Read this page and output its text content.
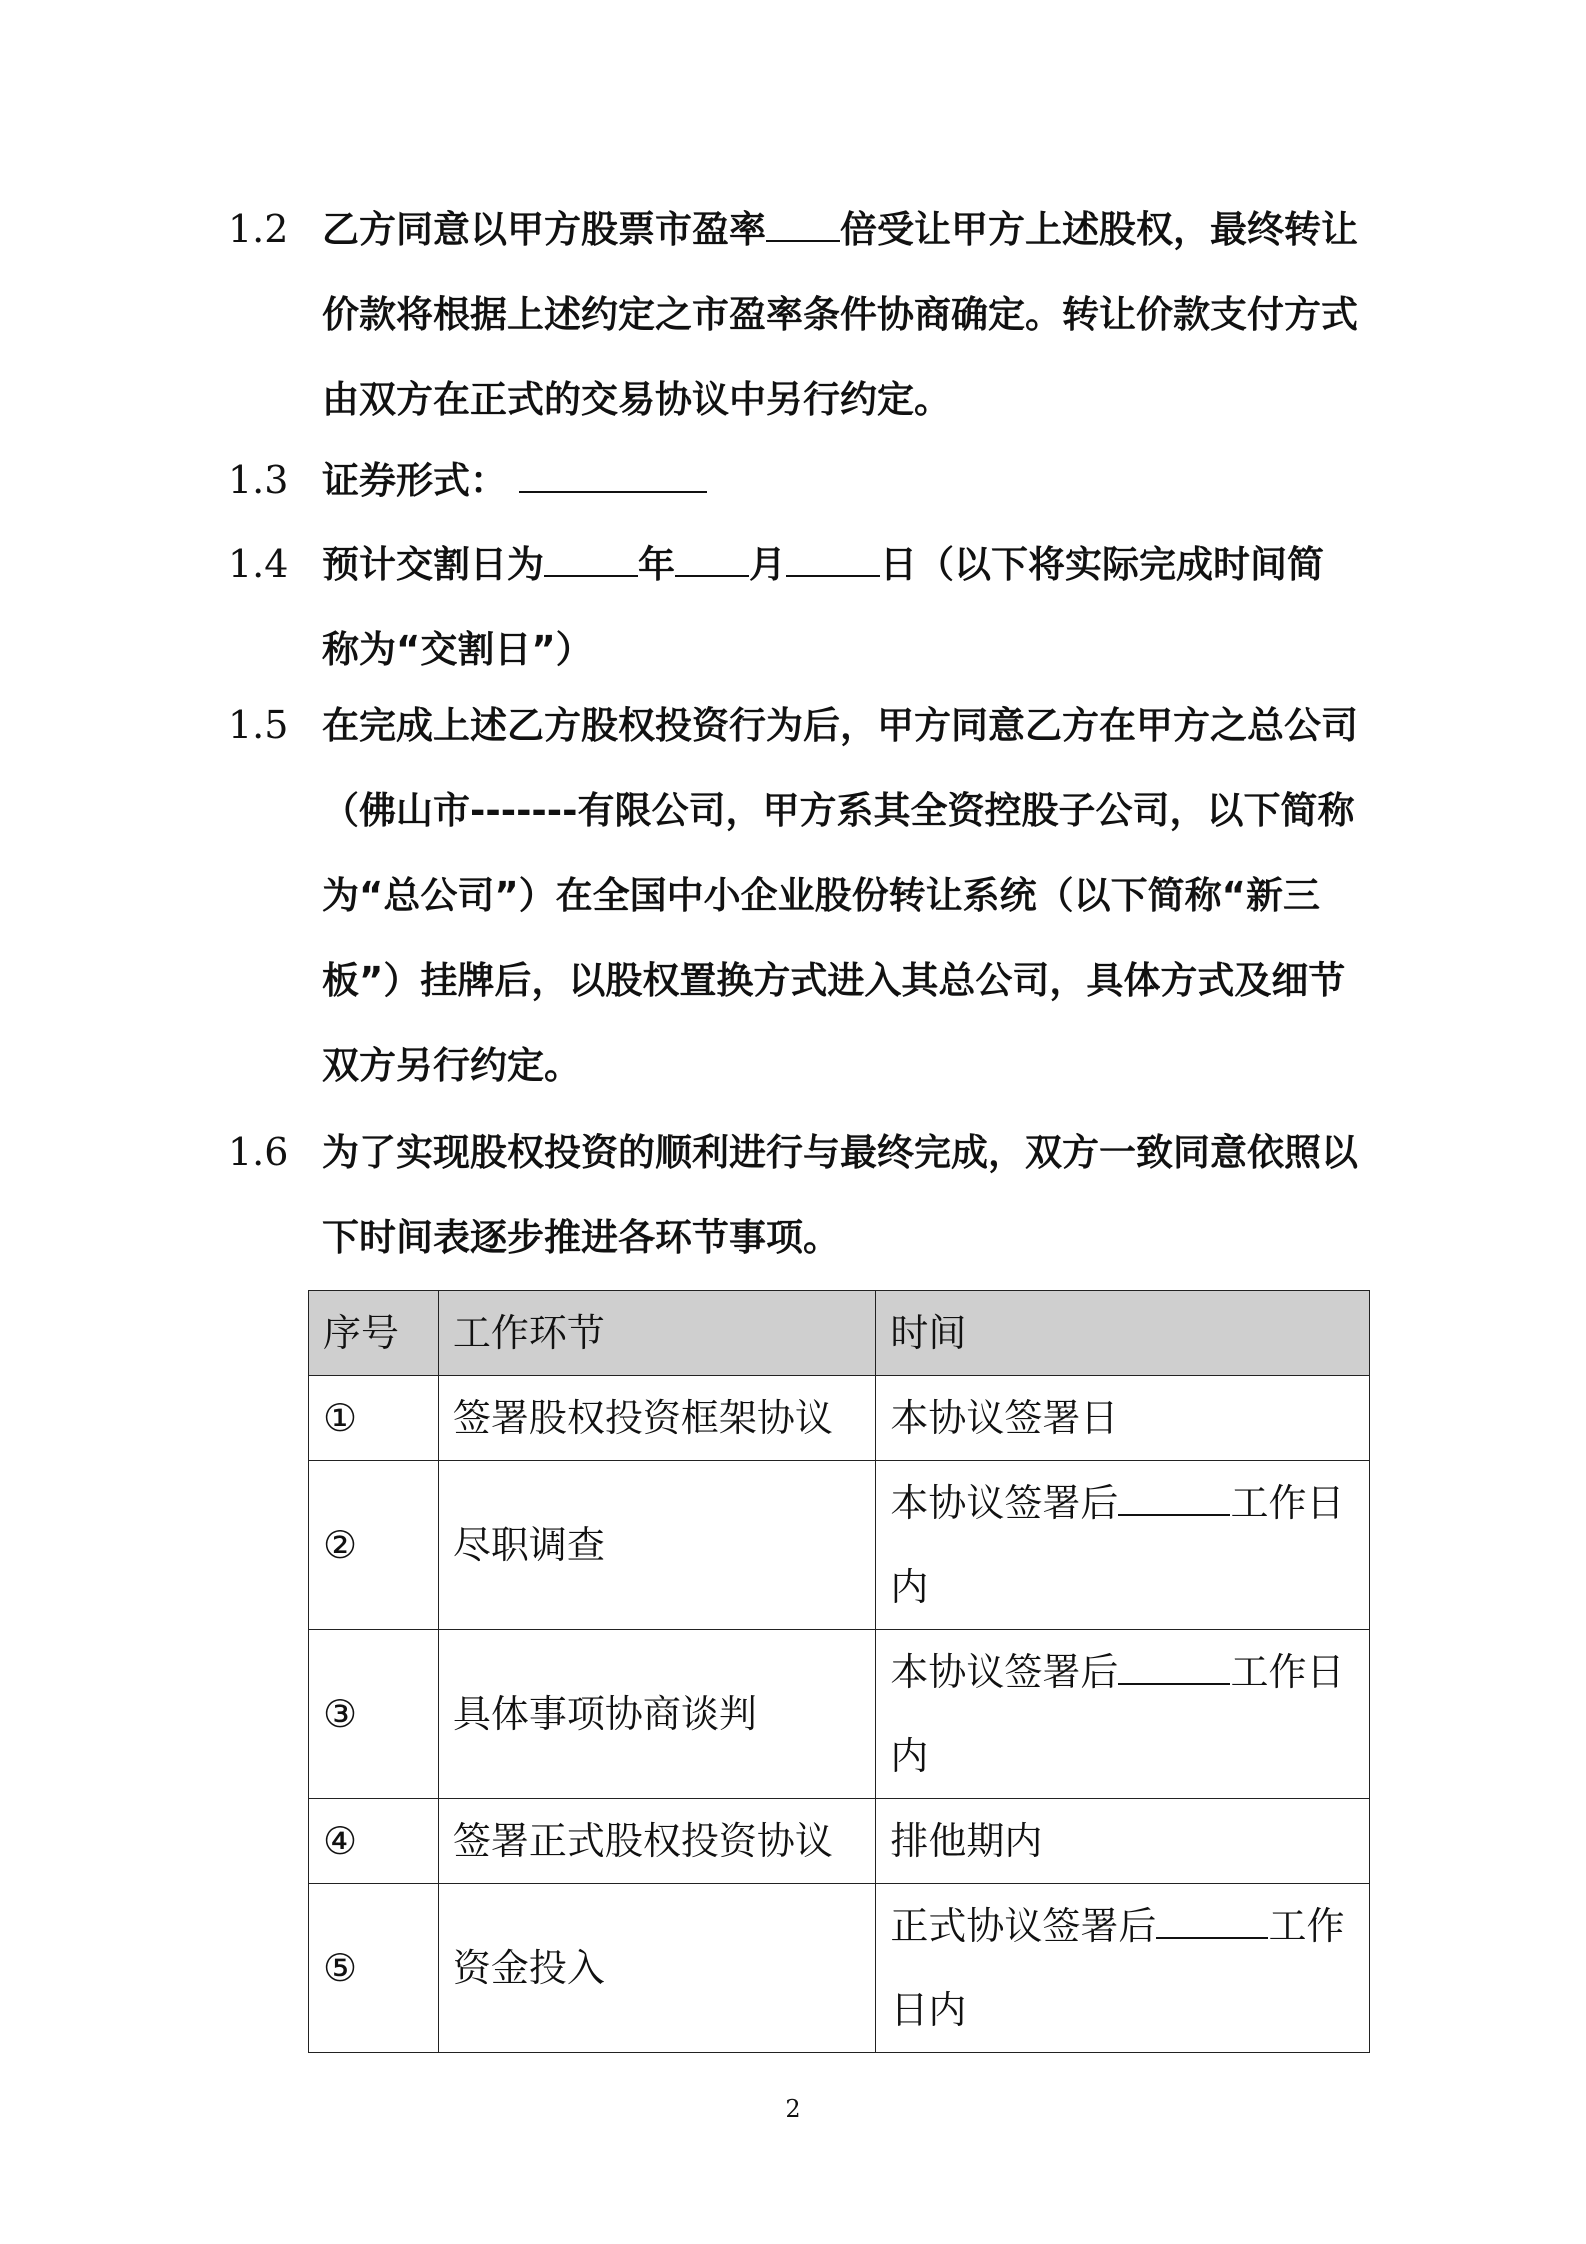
1.2 乙方同意以甲方股票市盈率 倍受让甲方上述股权，最终转让价款将根据上述约定之市盈率条件协商确定。转让价款支付方式由双方在正式的交易协议中另行约定。
1.3 证券形式：
1.4 预计交割日为	年 月	日（以下将实际完成时间简称为“交割日”）
1.5 在完成上述乙方股权投资行为后，甲方同意乙方在甲方之总公司（佛山市-------有限公司，甲方系其全资控股子公司，以下简称为“总公司”）在全国中小企业股份转让系统（以下简称“新三板”）挂牌后，以股权置换方式进入其总公司，具体方式及细节双方另行约定。
1.6 为了实现股权投资的顺利进行与最终完成，双方一致同意依照以下时间表逐步推进各环节事项。
序号	工作环节	时间
①	签署股权投资框架协议	本协议签署日
②	尽职调查	本协议签署后 工作日内
③	具体事项协商谈判	本协议签署后 工作日内
④	签署正式股权投资协议	排他期内
⑤	资金投入	正式协议签署后 工作日内
2
